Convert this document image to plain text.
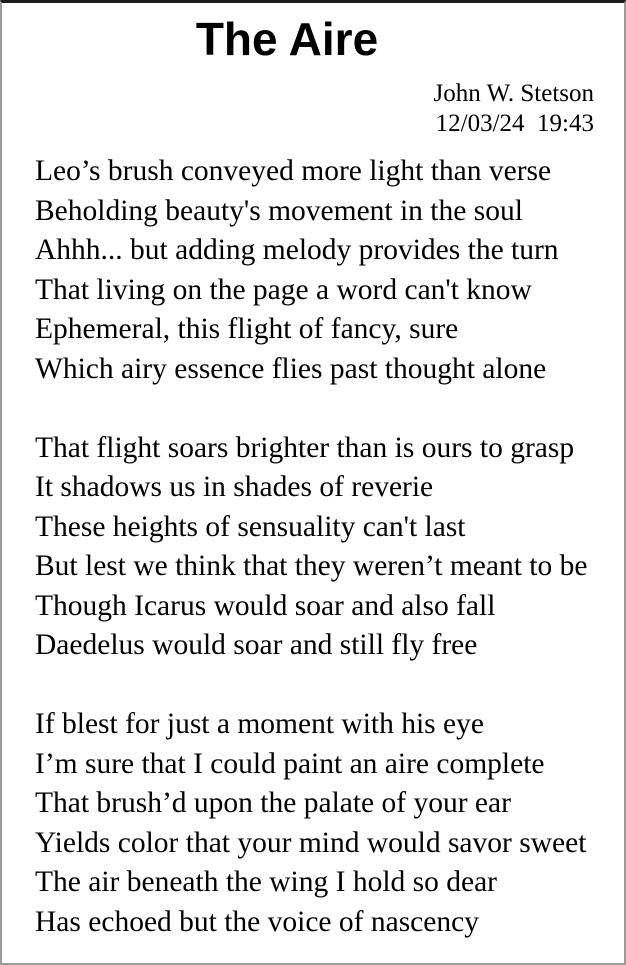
The Aire
John W. Stetson
12/03/24  19:43
Leo’s brush conveyed more light than verse
Beholding beauty's movement in the soul
Ahhh... but adding melody provides the turn
That living on the page a word can't know
Ephemeral, this flight of fancy, sure
Which airy essence flies past thought alone
That flight soars brighter than is ours to grasp
It shadows us in shades of reverie
These heights of sensuality can't last
But lest we think that they weren’t meant to be
Though Icarus would soar and also fall
Daedelus would soar and still fly free
If blest for just a moment with his eye
I’m sure that I could paint an aire complete
That brush’d upon the palate of your ear
Yields color that your mind would savor sweet
The air beneath the wing I hold so dear
Has echoed but the voice of nascency
